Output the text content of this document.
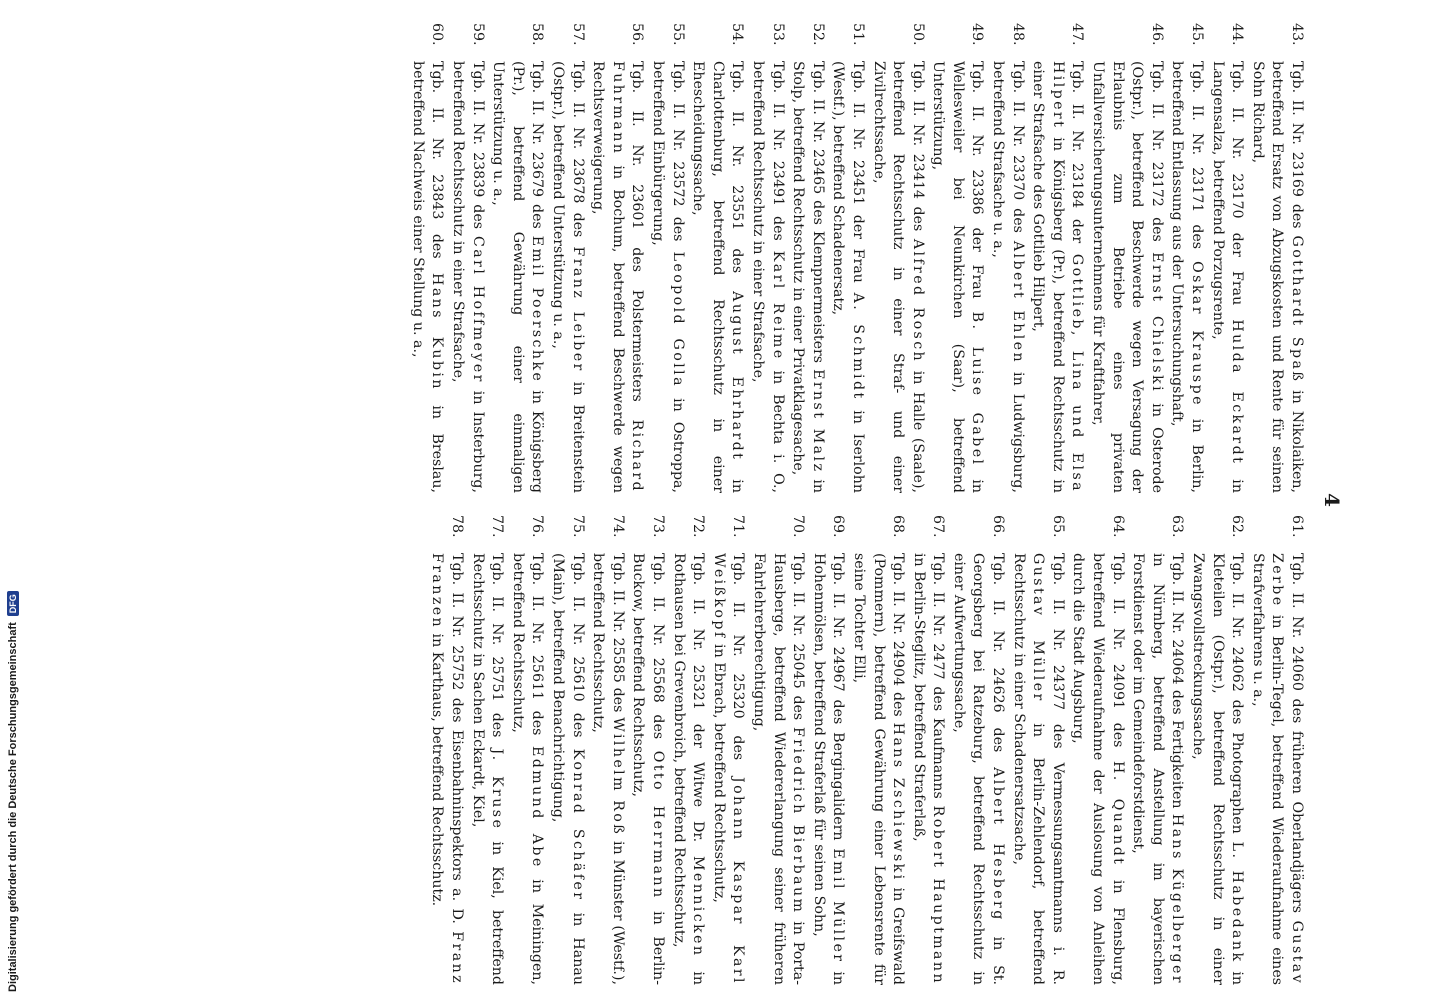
4
43.
Tgb. II. Nr. 23169 des Gotthardt Spaß in Nikolaiken, betreffend Ersatz von Abzugskosten und Rente für seinen Sohn Richard,
44.
Tgb. II. Nr. 23170 der Frau Hulda Eckardt in Langensalza, betreffend Porzugsrente,
45.
Tgb. II. Nr. 23171 des Oskar Krauspe in Berlin, betreffend Entlassung aus der Untersuchungshaft,
46.
Tgb. II. Nr. 23172 des Ernst Chielski in Osterode (Ostpr.), betreffend Beschwerde wegen Versagung der Erlaubnis zum Betriebe eines privaten Unfallversicherungsunternehmens für Kraftfahrer,
47.
Tgb. II. Nr. 23184 der Gottlieb, Lina und Elsa Hilpert in Königsberg (Pr.), betreffend Rechtsschutz in einer Strafsache des Gottlieb Hilpert,
48.
Tgb. II. Nr. 23370 des Albert Ehlen in Ludwigsburg, betreffend Strafsache u. a.,
49.
Tgb. II. Nr. 23386 der Frau B. Luise Gabel in Wellesweiler bei Neunkirchen (Saar), betreffend Unterstützung,
50.
Tgb. II. Nr. 23414 des Alfred Rosch in Halle (Saale), betreffend Rechtsschutz in einer Straf- und einer Zivilrechtssache,
51.
Tgb. II. Nr. 23451 der Frau A. Schmidt in Iserlohn (Westf.), betreffend Schadenersatz,
52.
Tgb. II. Nr. 23465 des Klempnermeisters Ernst Malz in Stolp, betreffend Rechtsschutz in einer Privatklagesache,
53.
Tgb. II. Nr. 23491 des Karl Reime in Bechta i. O., betreffend Rechtsschutz in einer Strafsache,
54.
Tgb. II. Nr. 23551 des August Ehrhardt in Charlottenburg, betreffend Rechtsschutz in einer Ehescheidungssache,
55.
Tgb. II. Nr. 23572 des Leopold Golla in Ostroppa, betreffend Einbürgerung,
56.
Tgb. II. Nr. 23601 des Polstermeisters Richard Fuhrmann in Bochum, betreffend Beschwerde wegen Rechtsverweigerung,
57.
Tgb. II. Nr. 23678 des Franz Leiber in Breitenstein (Ostpr.), betreffend Unterstützung u. a.,
58.
Tgb. II. Nr. 23679 des Emil Poerschke in Königsberg (Pr.), betreffend Gewährung einer einmaligen Unterstützung u. a.,
59.
Tgb. II. Nr. 23839 des Carl Hoffmeyer in Insterburg, betreffend Rechtsschutz in einer Strafsache,
60.
Tgb. II. Nr. 23843 des Hans Kubin in Breslau, betreffend Nachweis einer Stellung u. a.,
61.
Tgb. II. Nr. 24060 des früheren Oberlandjägers Gustav Zerbe in Berlin-Tegel, betreffend Wiederaufnahme eines Strafverfahrens u. a.,
62.
Tgb. II. Nr. 24062 des Photographen L. Habedank in Kleteilen (Ostpr.), betreffend Rechtsschutz in einer Zwangsvollstreckungssache,
63.
Tgb. II. Nr. 24064 des Fertigkeiten Hans Kügelberger in Nürnberg, betreffend Anstellung im bayerischen Forstdienst oder im Gemeindeforstdienst,
64.
Tgb. II. Nr. 24091 des H. Quandt in Flensburg, betreffend Wiederaufnahme der Auslosung von Anleihen durch die Stadt Augsburg,
65.
Tgb. II. Nr. 24377 des Vermessungsamtmanns i. R. Gustav Müller in Berlin-Zehlendorf, betreffend Rechtsschutz in einer Schadenersatzsache,
66.
Tgb. II. Nr. 24626 des Albert Hesberg in St. Georgsberg bei Ratzeburg, betreffend Rechtsschutz in einer Aufwertungssache,
67.
Tgb. II. Nr. 2477 des Kaufmanns Robert Hauptmann in Berlin-Steglitz, betreffend Straferlaß,
68.
Tgb. II. Nr. 24904 des Hans Zschiewski in Greifswald (Pommern), betreffend Gewährung einer Lebensrente für seine Tochter Elli,
69.
Tgb. II. Nr. 24967 des Bergingalidern Emil Müller in Hohenmölsen, betreffend Straferlaß für seinen Sohn,
70.
Tgb. II. Nr. 25045 des Friedrich Bierbaum in Porta-Hausberge, betreffend Wiedererlangung seiner früheren Fahrlehrerberechtigung,
71.
Tgb. II. Nr. 25320 des Johann Kaspar Karl Weißkopf in Ebrach, betreffend Rechtsschutz,
72.
Tgb. II. Nr. 25321 der Witwe Dr. Mennicken in Rothausen bei Grevenbroich, betreffend Rechtsschutz,
73.
Tgb. II. Nr. 25568 des Otto Herrmann in Berlin-Buckow, betreffend Rechtsschutz,
74.
Tgb. II. Nr. 25585 des Wilhelm Roß in Münster (Westf.), betreffend Rechtsschutz,
75.
Tgb. II. Nr. 25610 des Konrad Schäfer in Hanau (Main), betreffend Benachrichtigung,
76.
Tgb. II. Nr. 25611 des Edmund Abe in Meiningen, betreffend Rechtsschutz,
77.
Tgb. II. Nr. 25751 des J. Kruse in Kiel, betreffend Rechtsschutz in Sachen Eckardt, Kiel,
78.
Tgb. II. Nr. 25752 des Eisenbahninspektors a. D. Franz Franzen in Karthaus, betreffend Rechtsschutz.
Digitalisierung gefördert durch die Deutsche Forschungsgemeinschaft
DFG
